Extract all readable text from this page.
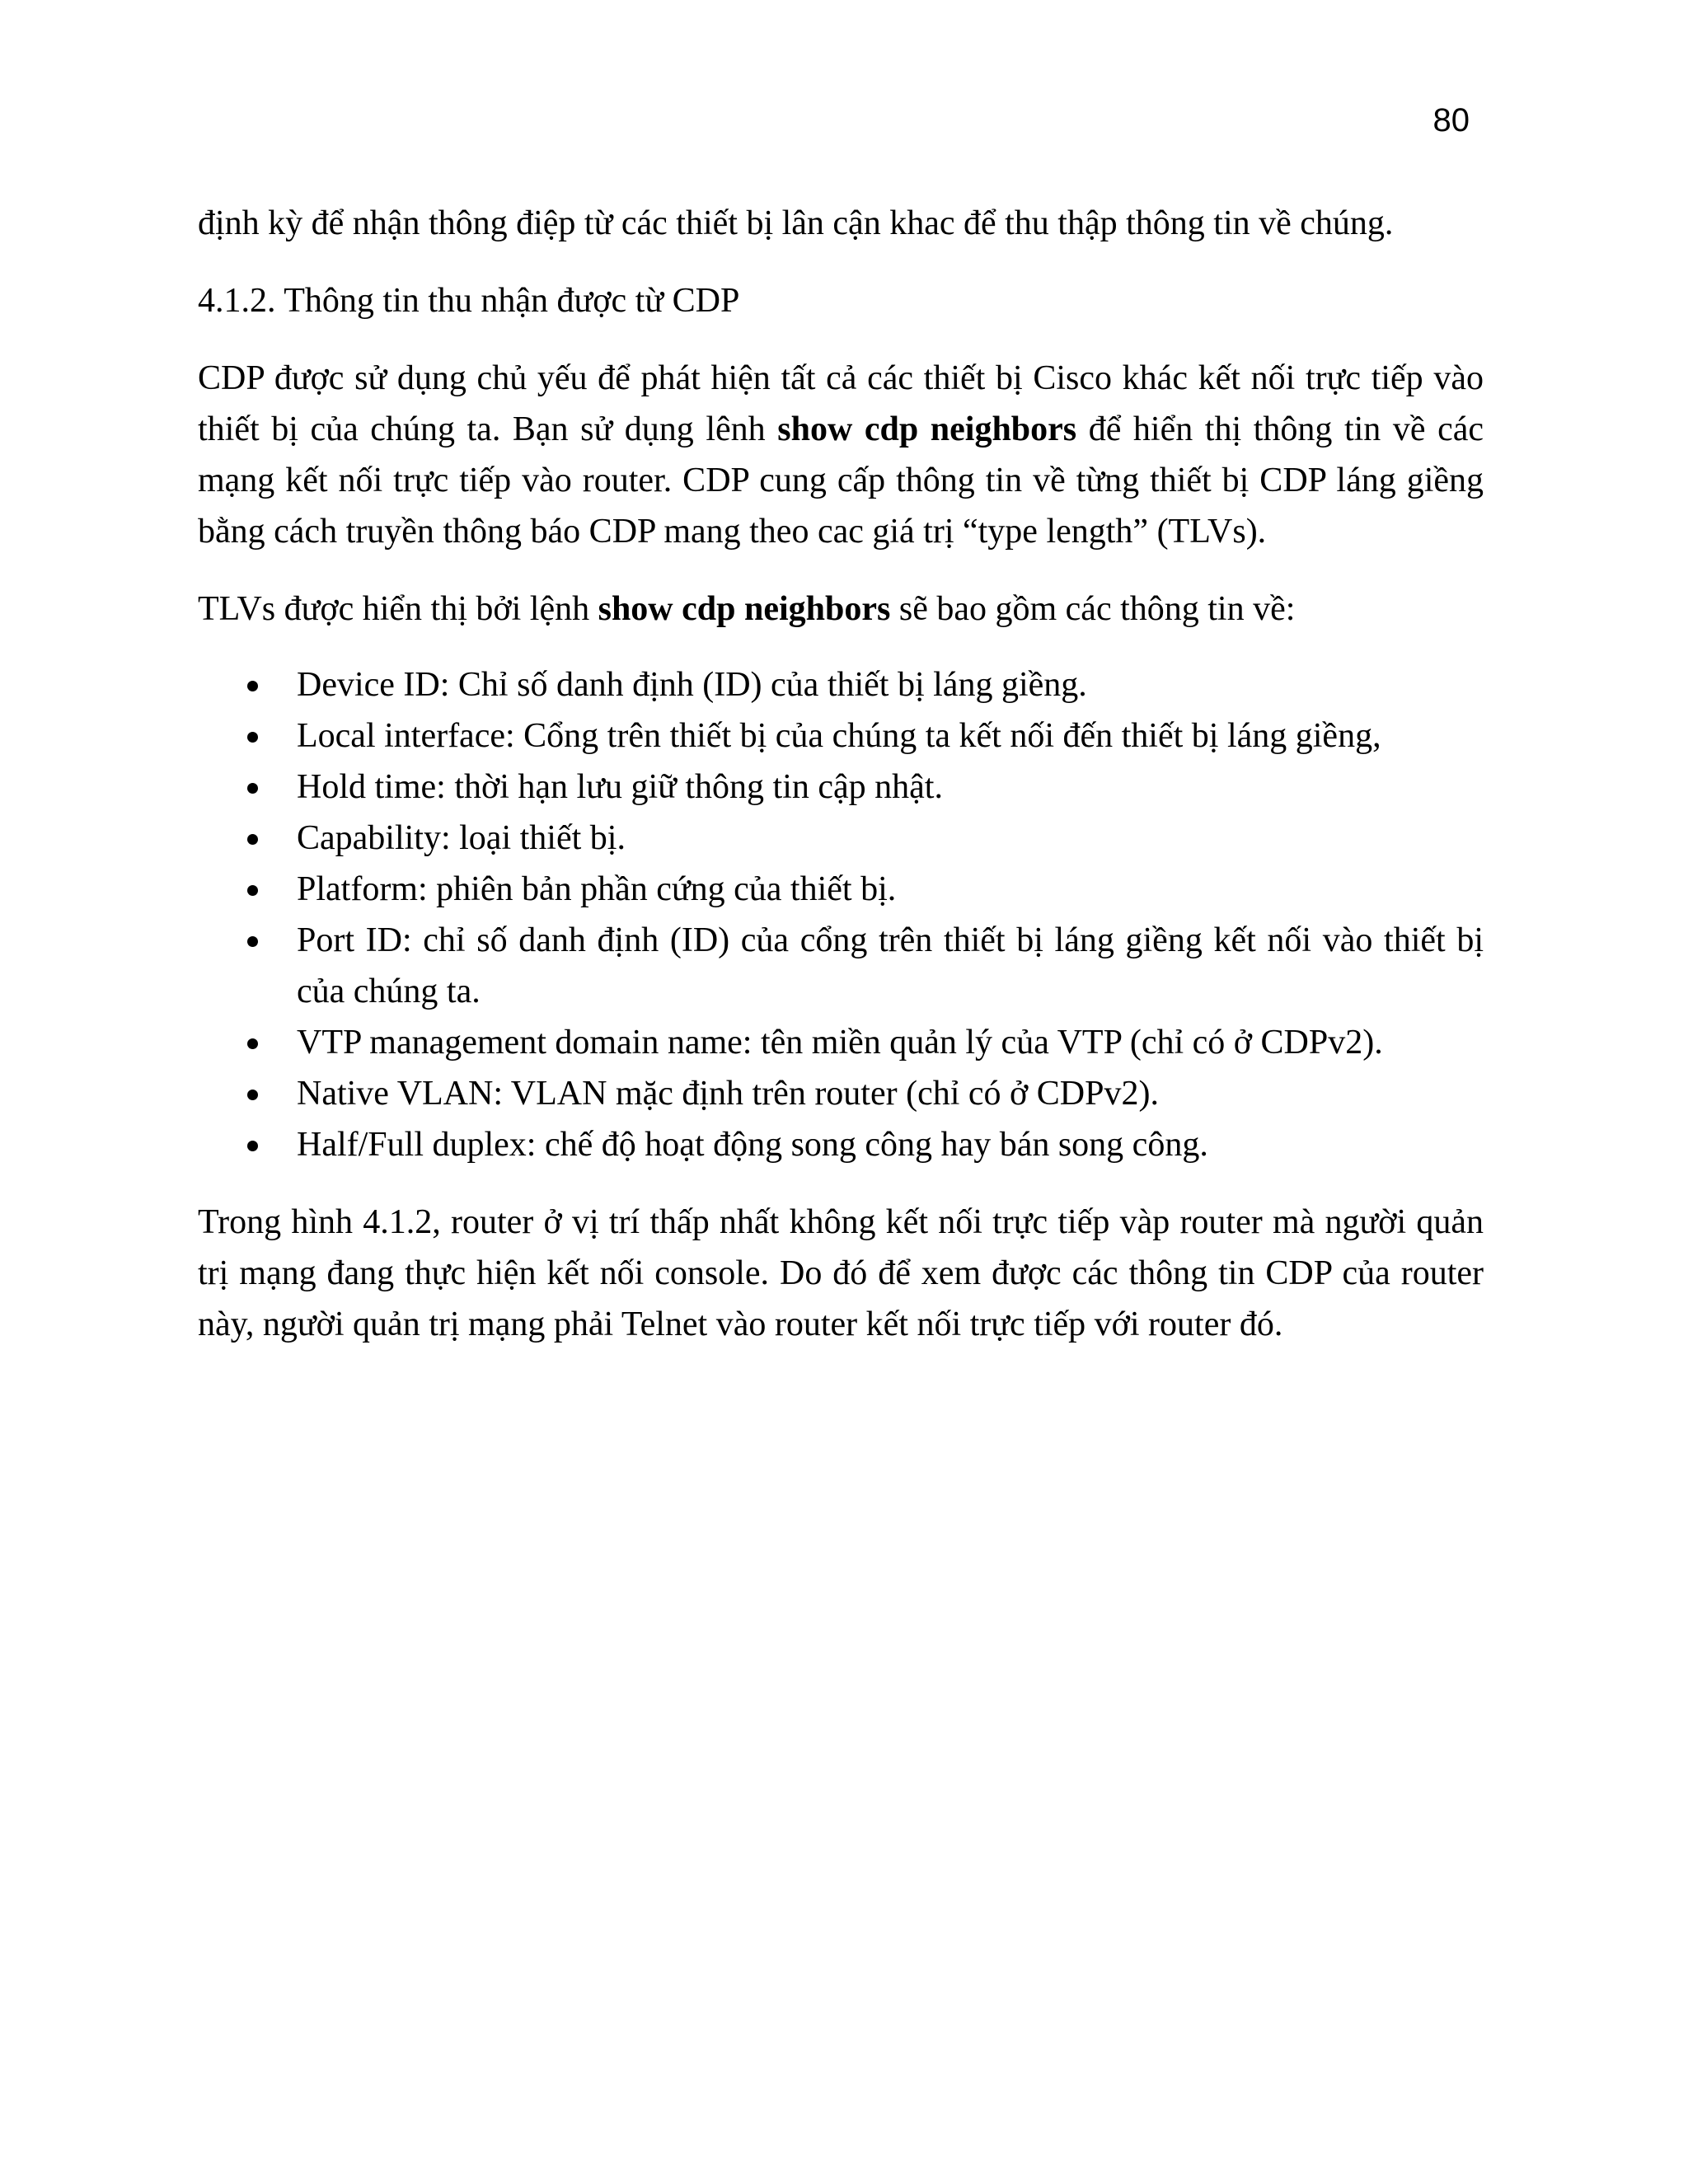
80

định kỳ để nhận thông điệp từ các thiết bị lân cận khac để thu thập thông tin về chúng.

4.1.2. Thông tin thu nhận được từ CDP

CDP được sử dụng chủ yếu để phát hiện tất cả các thiết bị Cisco khác kết nối trực tiếp vào thiết bị của chúng ta. Bạn sử dụng lênh show cdp neighbors để hiển thị thông tin về các mạng kết nối trực tiếp vào router. CDP cung cấp thông tin về từng thiết bị CDP láng giềng bằng cách truyền thông báo CDP mang theo cac giá trị “type length” (TLVs).

TLVs được hiển thị bởi lệnh show cdp neighbors sẽ bao gồm các thông tin về:

Device ID: Chỉ số danh định (ID) của thiết bị láng giềng.
Local interface: Cổng trên thiết bị của chúng ta kết nối đến thiết bị láng giềng,
Hold time: thời hạn lưu giữ thông tin cập nhật.
Capability: loại thiết bị.
Platform: phiên bản phần cứng của thiết bị.
Port ID: chỉ số danh định (ID) của cổng trên thiết bị láng giềng kết nối vào thiết bị của chúng ta.
VTP management domain name: tên miền quản lý của VTP (chỉ có ở CDPv2).
Native VLAN: VLAN mặc định trên router (chỉ có ở CDPv2).
Half/Full duplex: chế độ hoạt động song công hay bán song công.

Trong hình 4.1.2, router ở vị trí thấp nhất không kết nối trực tiếp vàp router mà người quản trị mạng đang thực hiện kết nối console. Do đó để xem được các thông tin CDP của router này, người quản trị mạng phải Telnet vào router kết nối trực tiếp với router đó.
